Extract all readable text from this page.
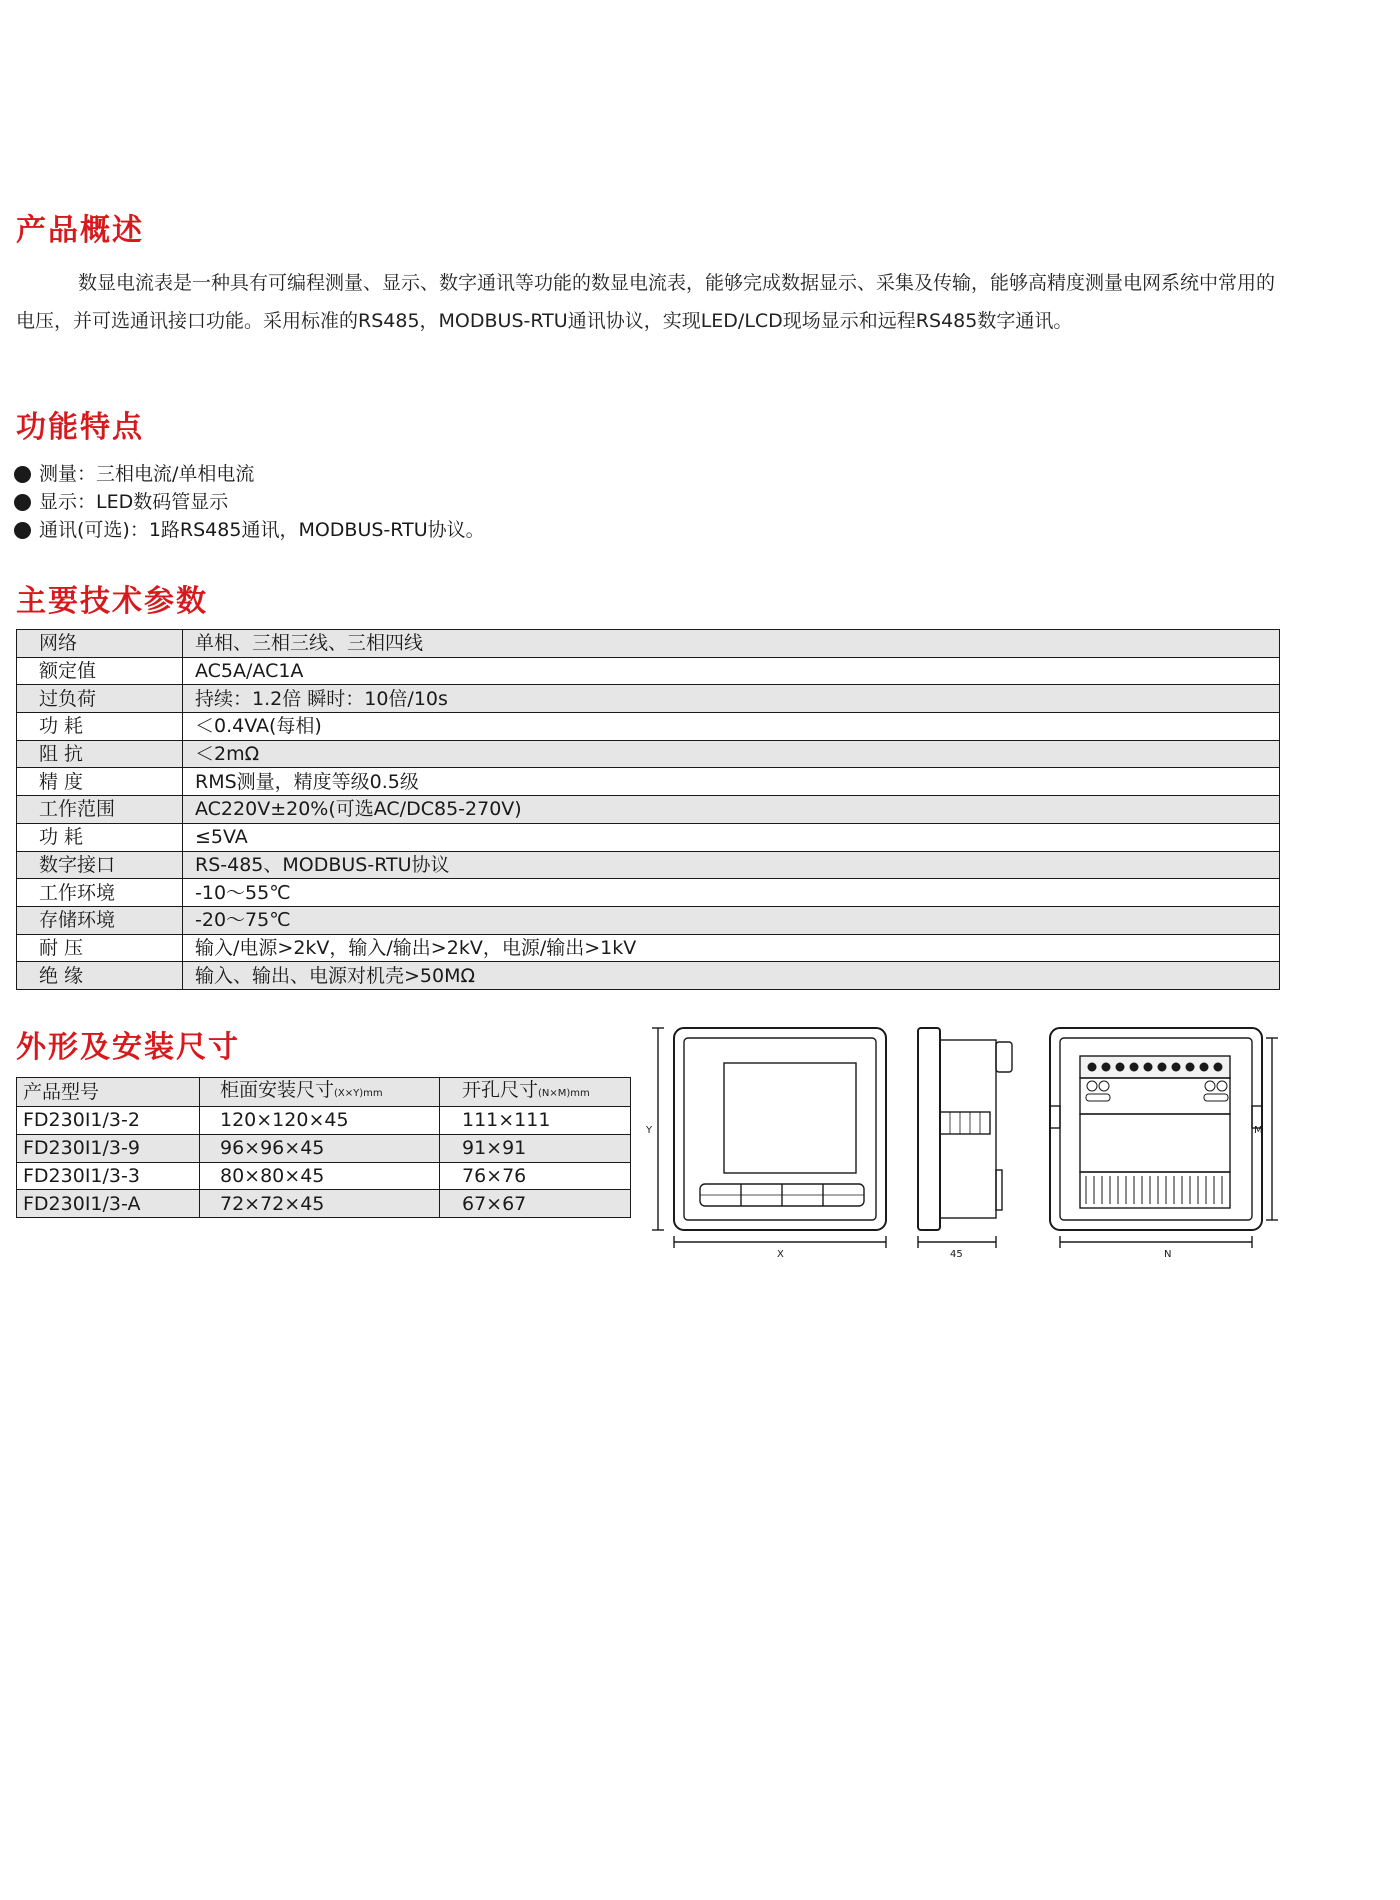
产品概述
数显电流表是一种具有可编程测量、显示、数字通讯等功能的数显电流表，能够完成数据显示、采集及传输，能够高精度测量电网系统中常用的电压，并可选通讯接口功能。采用标准的RS485，MODBUS-RTU通讯协议，实现LED/LCD现场显示和远程RS485数字通讯。
功能特点
测量：三相电流/单相电流
显示：LED数码管显示
通讯(可选)：1路RS485通讯，MODBUS-RTU协议。
主要技术参数
网络	单相、三相三线、三相四线
额定值	AC5A/AC1A
过负荷	持续：1.2倍 瞬时：10倍/10s
功 耗	＜0.4VA(每相)
阻 抗	＜2mΩ
精 度	RMS测量，精度等级0.5级
工作范围	AC220V±20%(可选AC/DC85-270V)
功 耗	≤5VA
数字接口	RS-485、MODBUS-RTU协议
工作环境	-10～55℃
存储环境	-20～75℃
耐 压	输入/电源>2kV，输入/输出>2kV，电源/输出>1kV
绝 缘	输入、输出、电源对机壳>50MΩ
外形及安装尺寸
产品型号	柜面安装尺寸(X×Y)mm	开孔尺寸(N×M)mm
FD230I1/3-2	120×120×45	111×111
FD230I1/3-9	96×96×45	91×91
FD230I1/3-3	80×80×45	76×76
FD230I1/3-A	72×72×45	67×67
Y
X	45	N
M
